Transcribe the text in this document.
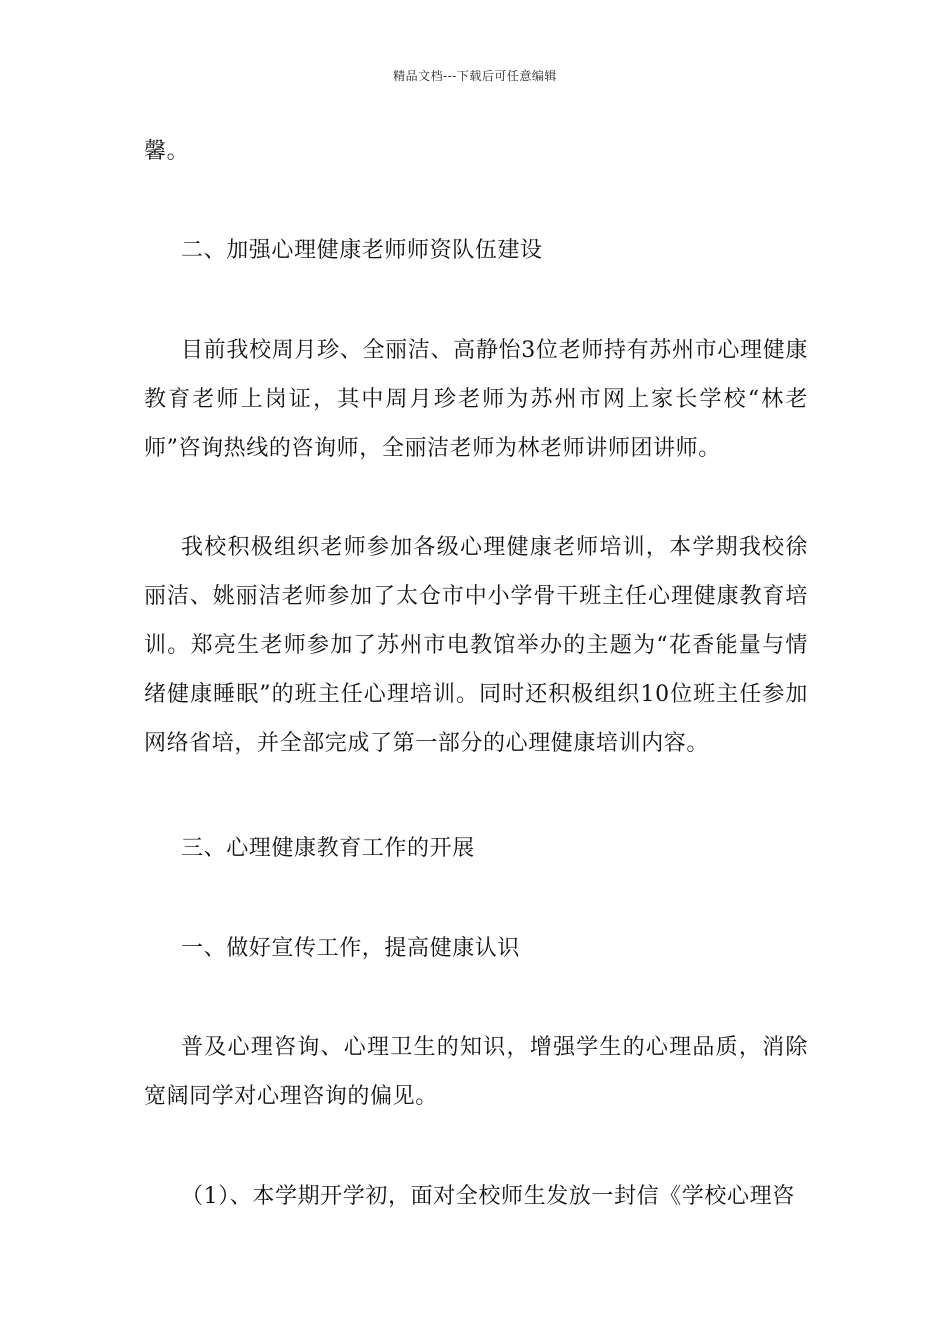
精品文档---下载后可任意编辑

馨。

二、加强心理健康老师师资队伍建设

目前我校周月珍、全丽洁、高静怡3位老师持有苏州市心理健康教育老师上岗证，其中周月珍老师为苏州市网上家长学校“林老师”咨询热线的咨询师，全丽洁老师为林老师讲师团讲师。

我校积极组织老师参加各级心理健康老师培训，本学期我校徐丽洁、姚丽洁老师参加了太仓市中小学骨干班主任心理健康教育培训。郑亮生老师参加了苏州市电教馆举办的主题为“花香能量与情绪健康睡眠”的班主任心理培训。同时还积极组织10位班主任参加网络省培，并全部完成了第一部分的心理健康培训内容。

三、心理健康教育工作的开展

一、做好宣传工作，提高健康认识

普及心理咨询、心理卫生的知识，增强学生的心理品质，消除宽阔同学对心理咨询的偏见。

（1）、本学期开学初，面对全校师生发放一封信《学校心理咨
